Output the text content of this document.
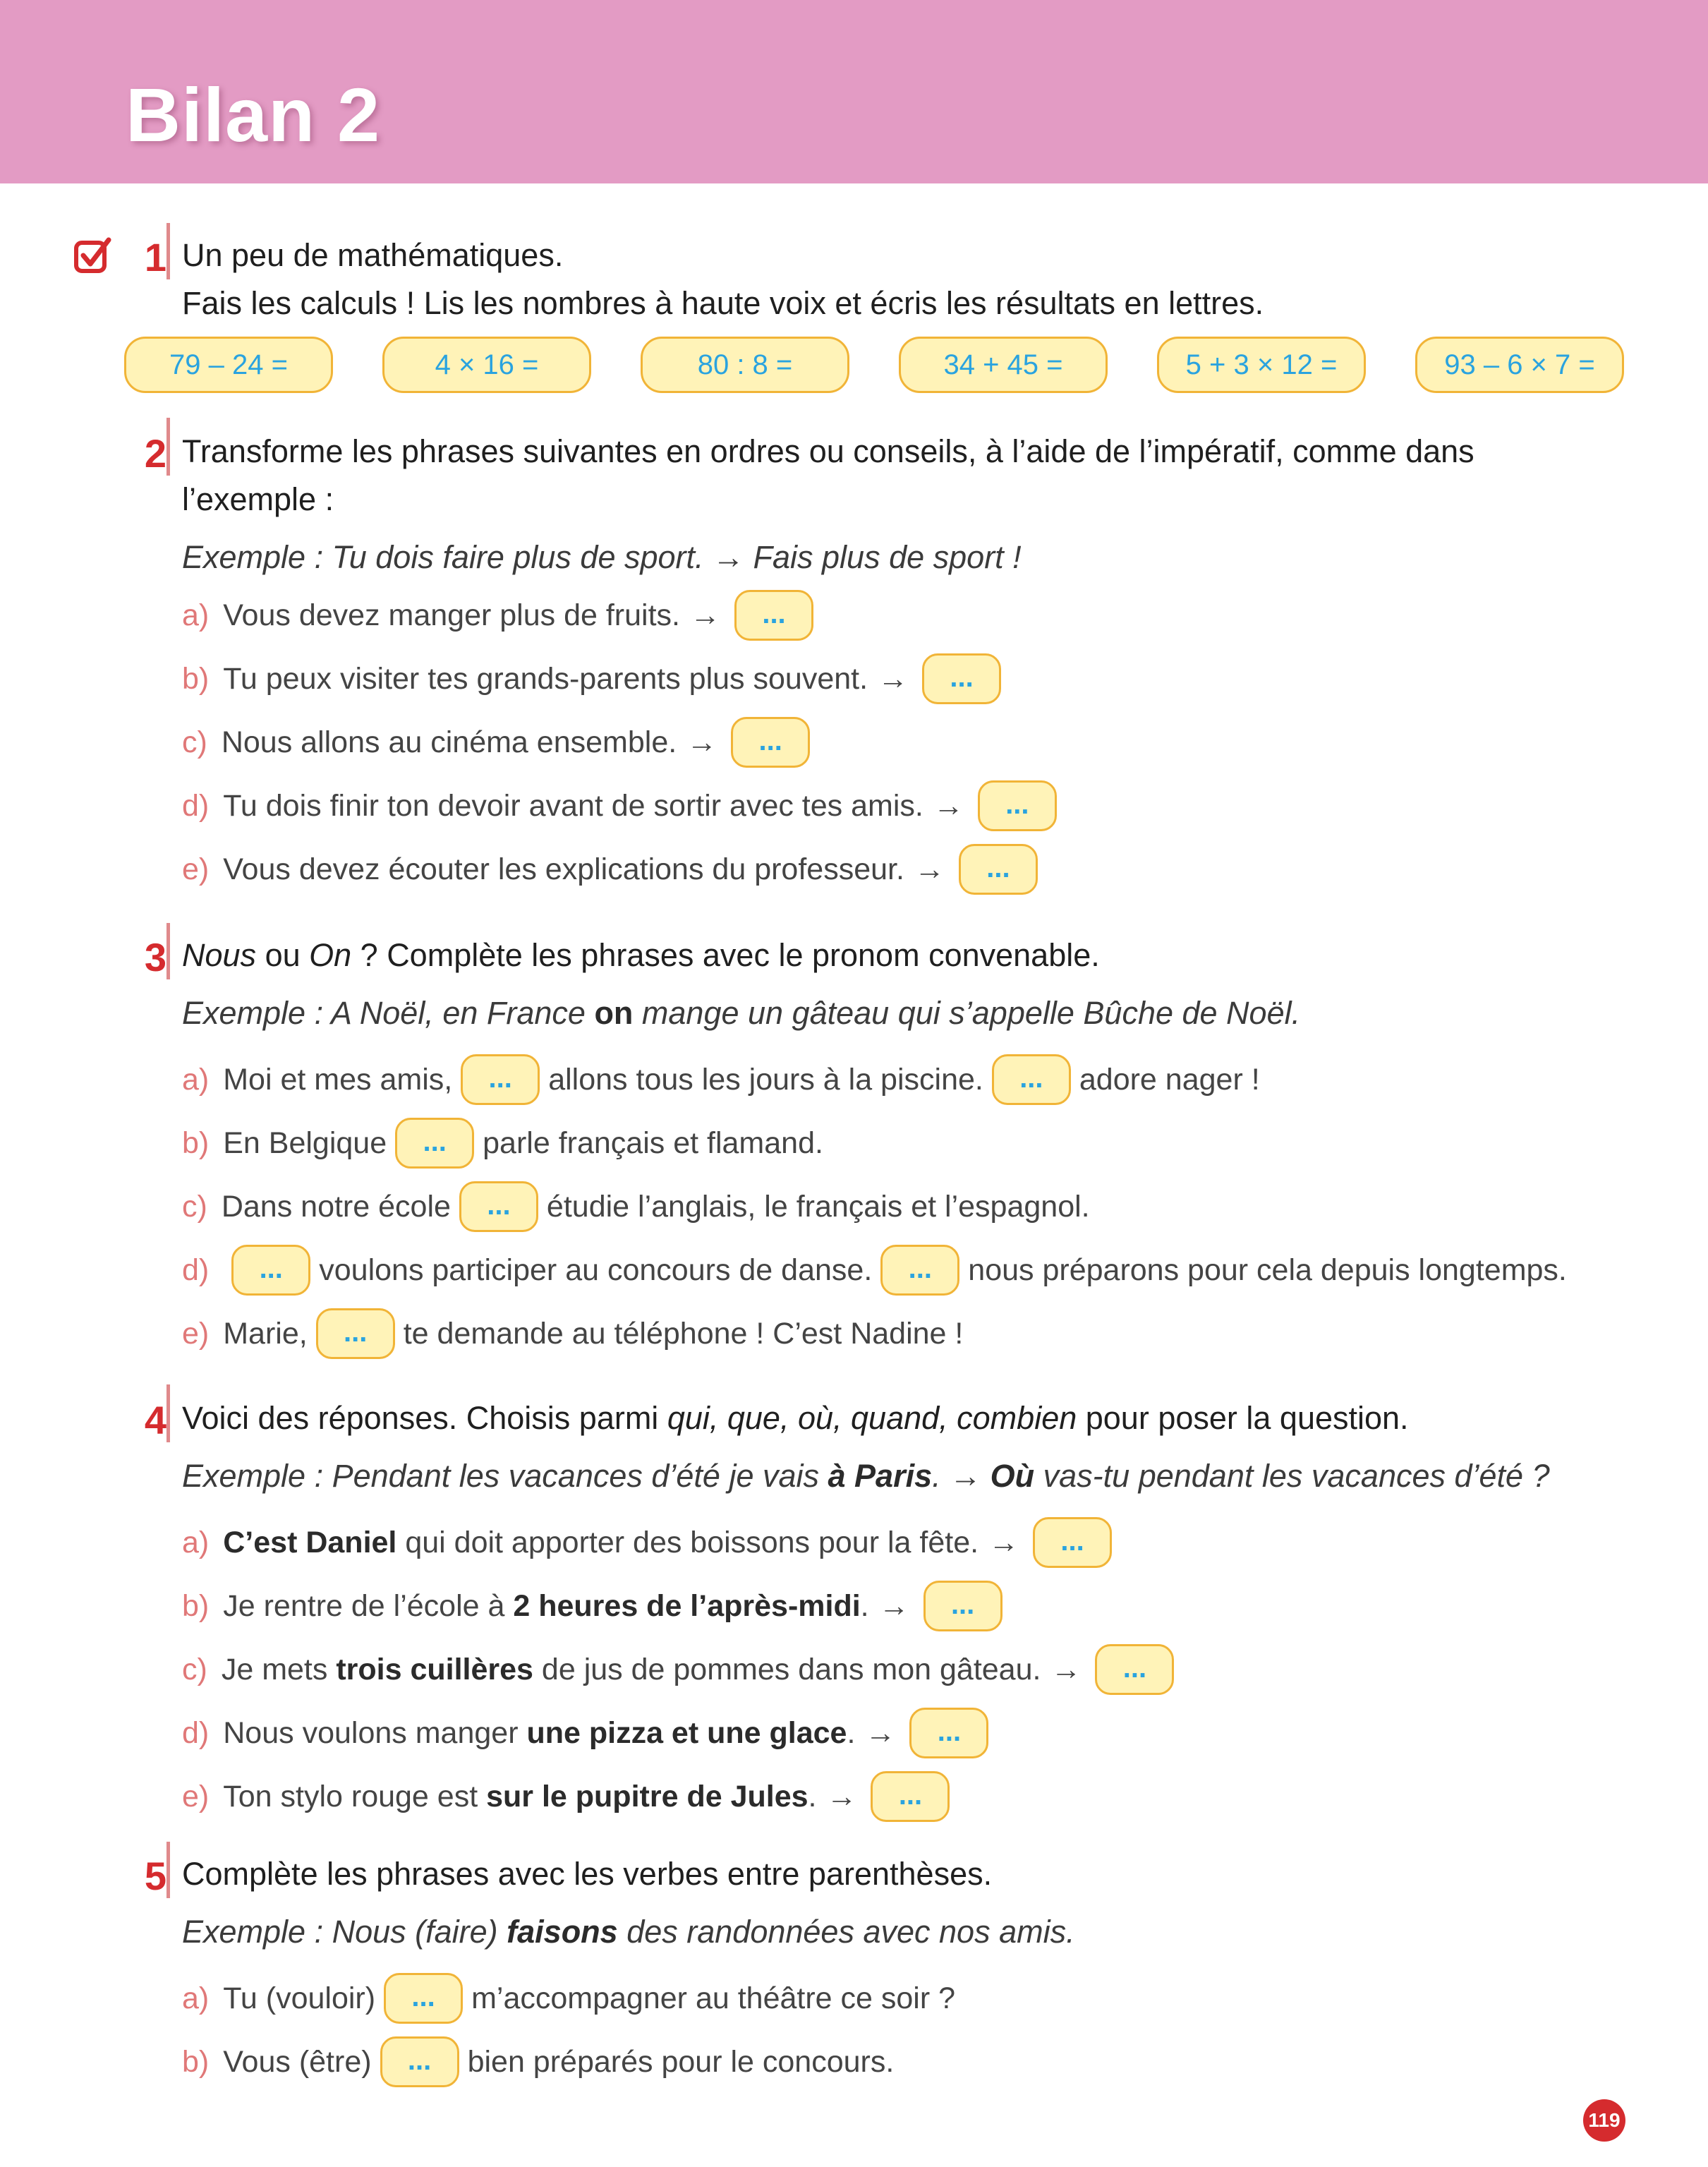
Bilan 2
1 Un peu de mathématiques.
Fais les calculs ! Lis les nombres à haute voix et écris les résultats en lettres.
79 – 24 =	4 × 16 =	80 : 8 =	34 + 45 =	5 + 3 × 12 =	93 – 6 × 7 =
2 Transforme les phrases suivantes en ordres ou conseils, à l’aide de l’impératif, comme dans
l’exemple :
Exemple : Tu dois faire plus de sport. → Fais plus de sport !
a) Vous devez manger plus de fruits. →	...
b) Tu peux visiter tes grands-parents plus souvent. →	...
c) Nous allons au cinéma ensemble. →	...
d) Tu dois finir ton devoir avant de sortir avec tes amis. →	...
e) Vous devez écouter les explications du professeur. →	...
3 Nous ou On ? Complète les phrases avec le pronom convenable.
Exemple : A Noël, en France on mange un gâteau qui s’appelle Bûche de Noël.
a) Moi et mes amis,	...	allons tous les jours à la piscine.	...	adore nager !
b) En Belgique	...	parle français et flamand.
c) Dans notre école	...	étudie l’anglais, le français et l’espagnol.
d)	...	voulons participer au concours de danse.	...	nous préparons pour cela depuis longtemps.
e) Marie,	...	te demande au téléphone ! C’est Nadine !
4 Voici des réponses. Choisis parmi qui, que, où, quand, combien pour poser la question.
Exemple : Pendant les vacances d’été je vais à Paris. → Où vas-tu pendant les vacances d’été ?
a) C’est Daniel qui doit apporter des boissons pour la fête. →	...
b) Je rentre de l’école à 2 heures de l’après-midi . →	...
c) Je mets trois cuillères de jus de pommes dans mon gâteau. →	...
d) Nous voulons manger une pizza et une glace . →	...
e) Ton stylo rouge est sur le pupitre de Jules . →	...
5 Complète les phrases avec les verbes entre parenthèses.
Exemple : Nous (faire) faisons des randonnées avec nos amis.
a) Tu (vouloir)	...	m’accompagner au théâtre ce soir ?
b) Vous (être)	...	bien préparés pour le concours.
119
